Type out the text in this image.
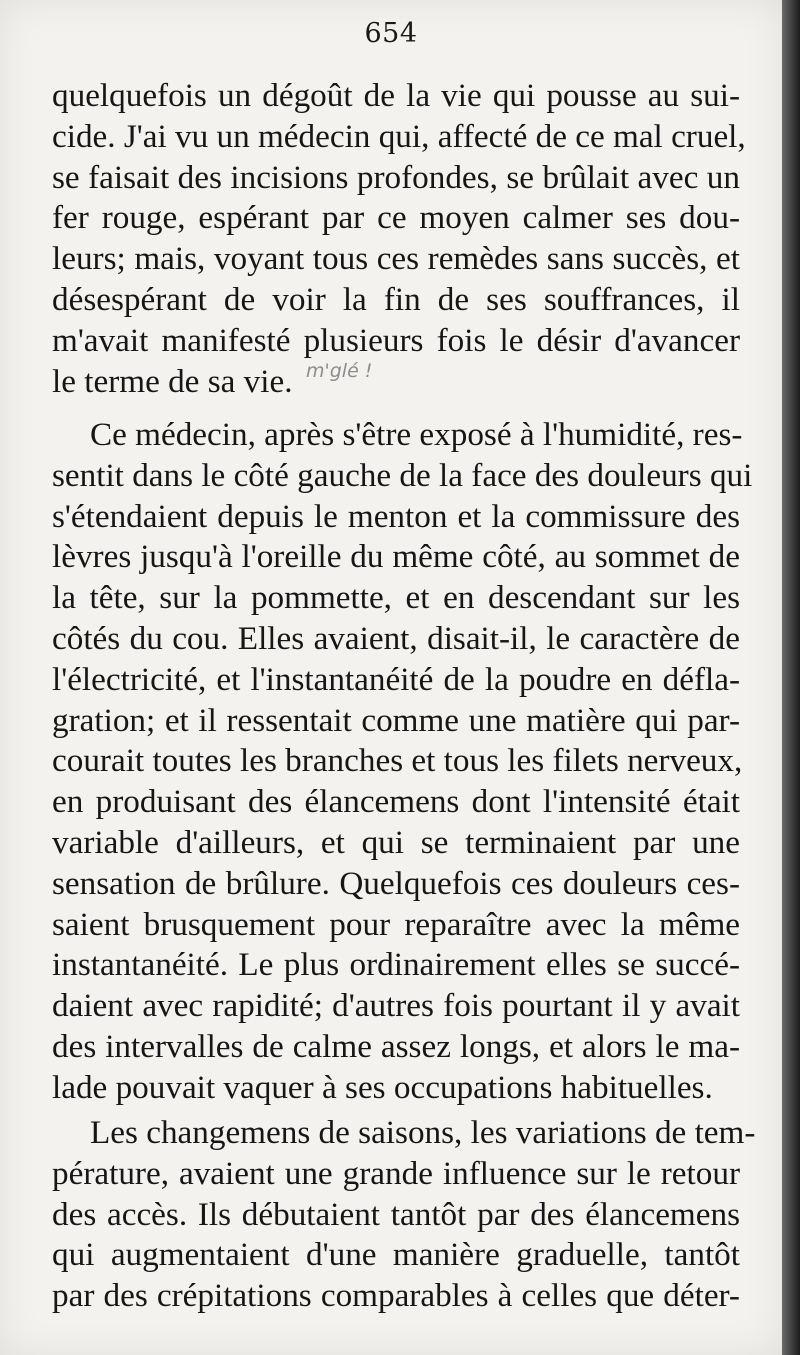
654
quelquefois un dégoût de la vie qui pousse au sui-
cide. J'ai vu un médecin qui, affecté de ce mal cruel,
se faisait des incisions profondes, se brûlait avec un
fer rouge, espérant par ce moyen calmer ses dou-
leurs; mais, voyant tous ces remèdes sans succès, et
désespérant de voir la fin de ses souffrances, il
m'avait manifesté plusieurs fois le désir d'avancer
le terme de sa vie. m'glé !
Ce médecin, après s'être exposé à l'humidité, res-
sentit dans le côté gauche de la face des douleurs qui
s'étendaient depuis le menton et la commissure des
lèvres jusqu'à l'oreille du même côté, au sommet de
la tête, sur la pommette, et en descendant sur les
côtés du cou. Elles avaient, disait-il, le caractère de
l'électricité, et l'instantanéité de la poudre en défla-
gration; et il ressentait comme une matière qui par-
courait toutes les branches et tous les filets nerveux,
en produisant des élancemens dont l'intensité était
variable d'ailleurs, et qui se terminaient par une
sensation de brûlure. Quelquefois ces douleurs ces-
saient brusquement pour reparaître avec la même
instantanéité. Le plus ordinairement elles se succé-
daient avec rapidité; d'autres fois pourtant il y avait
des intervalles de calme assez longs, et alors le ma-
lade pouvait vaquer à ses occupations habituelles.
Les changemens de saisons, les variations de tem-
pérature, avaient une grande influence sur le retour
des accès. Ils débutaient tantôt par des élancemens
qui augmentaient d'une manière graduelle, tantôt
par des crépitations comparables à celles que déter-
